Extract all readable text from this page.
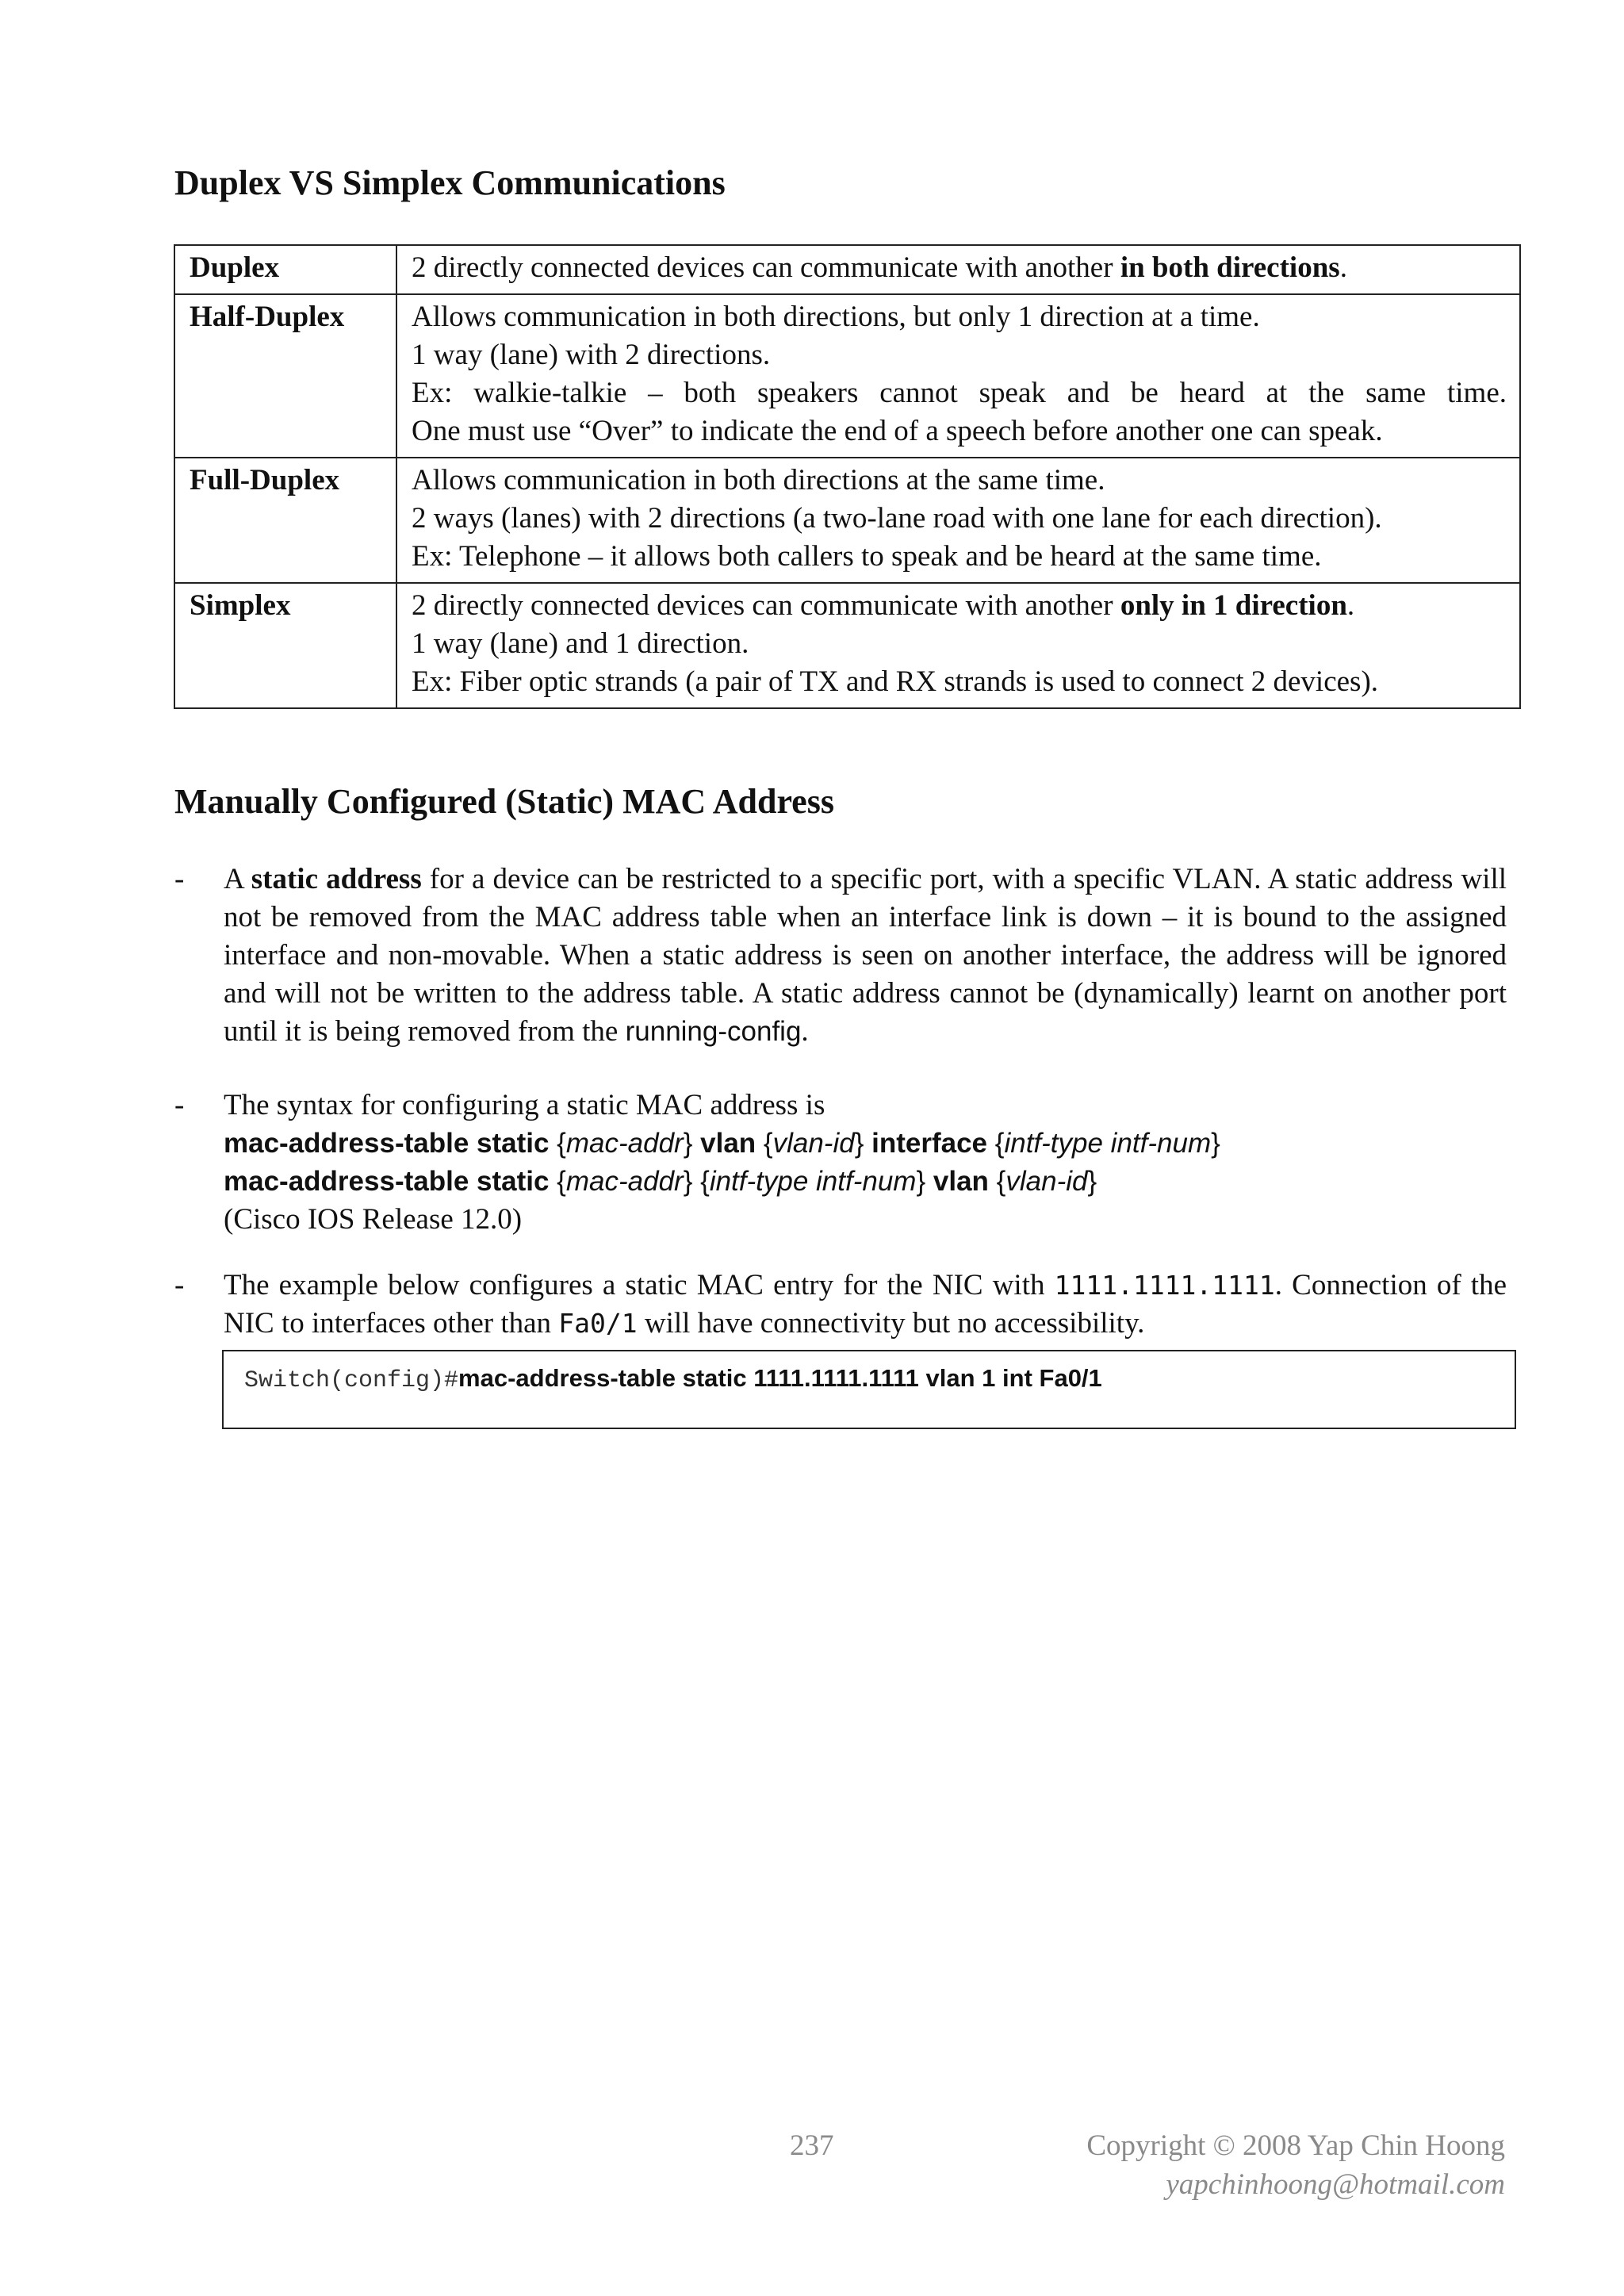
Duplex VS Simplex Communications
Duplex	2 directly connected devices can communicate with another in both directions.
Half-Duplex	Allows communication in both directions, but only 1 direction at a time.
1 way (lane) with 2 directions.
Ex: walkie-talkie – both speakers cannot speak and be heard at the same time.
One must use “Over” to indicate the end of a speech before another one can speak.

Full-Duplex	Allows communication in both directions at the same time.
2 ways (lanes) with 2 directions (a two-lane road with one lane for each direction).
Ex: Telephone – it allows both callers to speak and be heard at the same time.

Simplex	2 directly connected devices can communicate with another only in 1 direction.
1 way (lane) and 1 direction.
Ex: Fiber optic strands (a pair of TX and RX strands is used to connect 2 devices).
Manually Configured (Static) MAC Address
- A static address for a device can be restricted to a specific port, with a specific VLAN. A static address will not be removed from the MAC address table when an interface link is down – it is bound to the assigned interface and non-movable. When a static address is seen on another interface, the address will be ignored and will not be written to the address table. A static address cannot be (dynamically) learnt on another port until it is being removed from the running-config.
- The syntax for configuring a static MAC address is
mac-address-table static {mac-addr} vlan {vlan-id} interface {intf-type intf-num}
mac-address-table static {mac-addr} {intf-type intf-num} vlan {vlan-id}
(Cisco IOS Release 12.0)
- The example below configures a static MAC entry for the NIC with 1111.1111.1111. Connection of the NIC to interfaces other than Fa0/1 will have connectivity but no accessibility.
Switch(config)#mac-address-table static 1111.1111.1111 vlan 1 int Fa0/1
237	Copyright © 2008 Yap Chin Hoong
yapchinhoong@hotmail.com
